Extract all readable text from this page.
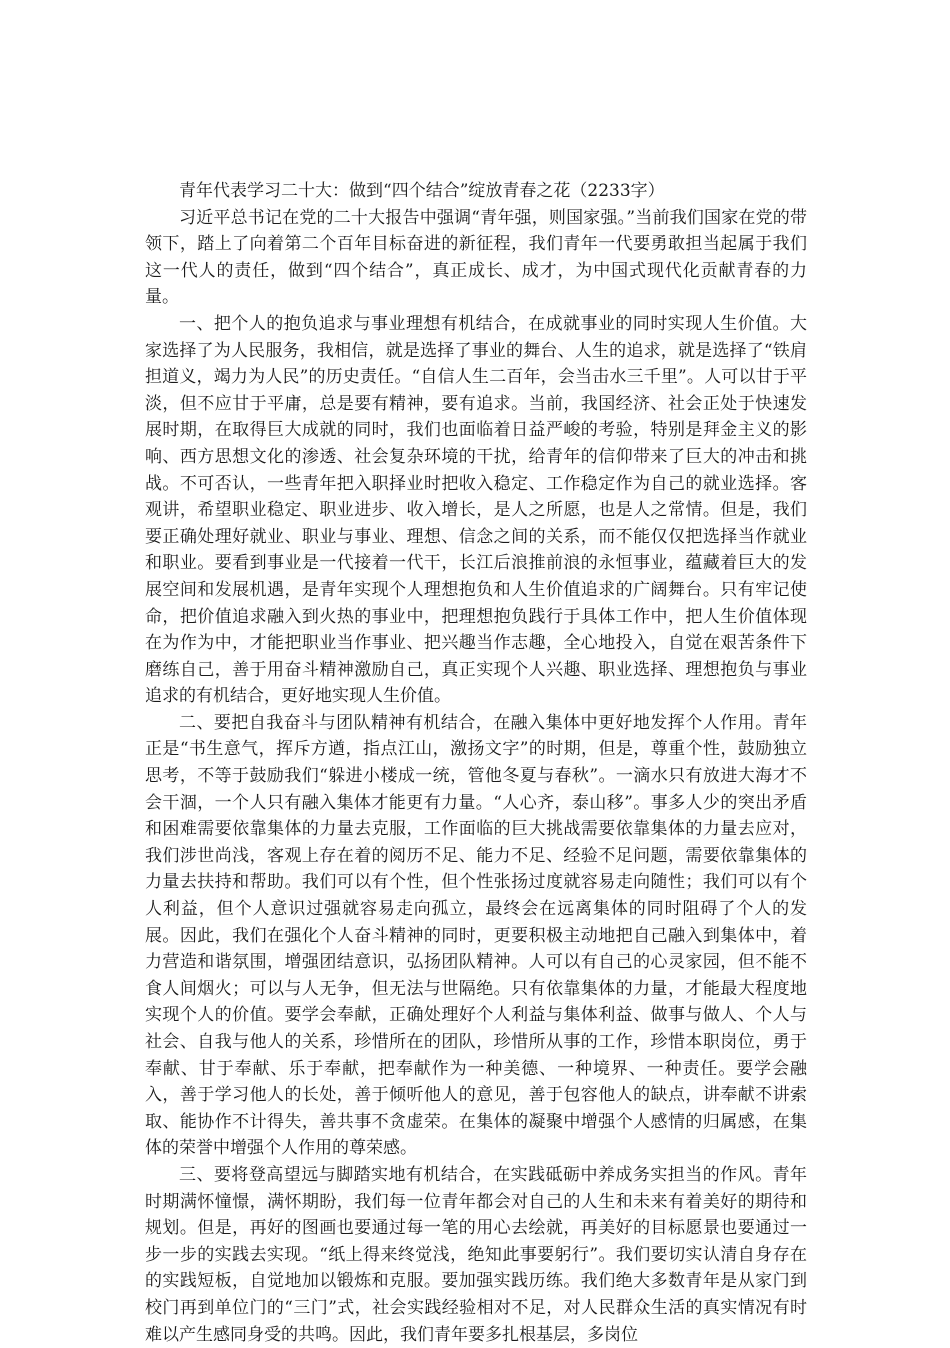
青年代表学习二十大：做到“四个结合”绽放青春之花（2233字）

习近平总书记在党的二十大报告中强调“青年强，则国家强。”当前我们国家在党的带领下，踏上了向着第二个百年目标奋进的新征程，我们青年一代要勇敢担当起属于我们这一代人的责任，做到“四个结合”，真正成长、成才，为中国式现代化贡献青春的力量。

一、把个人的抱负追求与事业理想有机结合，在成就事业的同时实现人生价值。大家选择了为人民服务，我相信，就是选择了事业的舞台、人生的追求，就是选择了“铁肩担道义，竭力为人民”的历史责任。“自信人生二百年，会当击水三千里”。人可以甘于平淡，但不应甘于平庸，总是要有精神，要有追求。当前，我国经济、社会正处于快速发展时期，在取得巨大成就的同时，我们也面临着日益严峻的考验，特别是拜金主义的影响、西方思想文化的渗透、社会复杂环境的干扰，给青年的信仰带来了巨大的冲击和挑战。不可否认，一些青年把入职择业时把收入稳定、工作稳定作为自己的就业选择。客观讲，希望职业稳定、职业进步、收入增长，是人之所愿，也是人之常情。但是，我们要正确处理好就业、职业与事业、理想、信念之间的关系，而不能仅仅把选择当作就业和职业。要看到事业是一代接着一代干，长江后浪推前浪的永恒事业，蕴藏着巨大的发展空间和发展机遇，是青年实现个人理想抱负和人生价值追求的广阔舞台。只有牢记使命，把价值追求融入到火热的事业中，把理想抱负践行于具体工作中，把人生价值体现在为作为中，才能把职业当作事业、把兴趣当作志趣，全心地投入，自觉在艰苦条件下磨练自己，善于用奋斗精神激励自己，真正实现个人兴趣、职业选择、理想抱负与事业追求的有机结合，更好地实现人生价值。

二、要把自我奋斗与团队精神有机结合，在融入集体中更好地发挥个人作用。青年正是“书生意气，挥斥方遒，指点江山，激扬文字”的时期，但是，尊重个性，鼓励独立思考，不等于鼓励我们“躲进小楼成一统，管他冬夏与春秋”。一滴水只有放进大海才不会干涸，一个人只有融入集体才能更有力量。“人心齐，泰山移”。事多人少的突出矛盾和困难需要依靠集体的力量去克服，工作面临的巨大挑战需要依靠集体的力量去应对，我们涉世尚浅，客观上存在着的阅历不足、能力不足、经验不足问题，需要依靠集体的力量去扶持和帮助。我们可以有个性，但个性张扬过度就容易走向随性；我们可以有个人利益，但个人意识过强就容易走向孤立，最终会在远离集体的同时阻碍了个人的发展。因此，我们在强化个人奋斗精神的同时，更要积极主动地把自己融入到集体中，着力营造和谐氛围，增强团结意识，弘扬团队精神。人可以有自己的心灵家园，但不能不食人间烟火；可以与人无争，但无法与世隔绝。只有依靠集体的力量，才能最大程度地实现个人的价值。要学会奉献，正确处理好个人利益与集体利益、做事与做人、个人与社会、自我与他人的关系，珍惜所在的团队，珍惜所从事的工作，珍惜本职岗位，勇于奉献、甘于奉献、乐于奉献，把奉献作为一种美德、一种境界、一种责任。要学会融入，善于学习他人的长处，善于倾听他人的意见，善于包容他人的缺点，讲奉献不讲索取、能协作不计得失，善共事不贪虚荣。在集体的凝聚中增强个人感情的归属感，在集体的荣誉中增强个人作用的尊荣感。

三、要将登高望远与脚踏实地有机结合，在实践砥砺中养成务实担当的作风。青年时期满怀憧憬，满怀期盼，我们每一位青年都会对自己的人生和未来有着美好的期待和规划。但是，再好的图画也要通过每一笔的用心去绘就，再美好的目标愿景也要通过一步一步的实践去实现。“纸上得来终觉浅，绝知此事要躬行”。我们要切实认清自身存在的实践短板，自觉地加以锻炼和克服。要加强实践历练。我们绝大多数青年是从家门到校门再到单位门的“三门”式，社会实践经验相对不足，对人民群众生活的真实情况有时难以产生感同身受的共鸣。因此，我们青年要多扎根基层，多岗位
